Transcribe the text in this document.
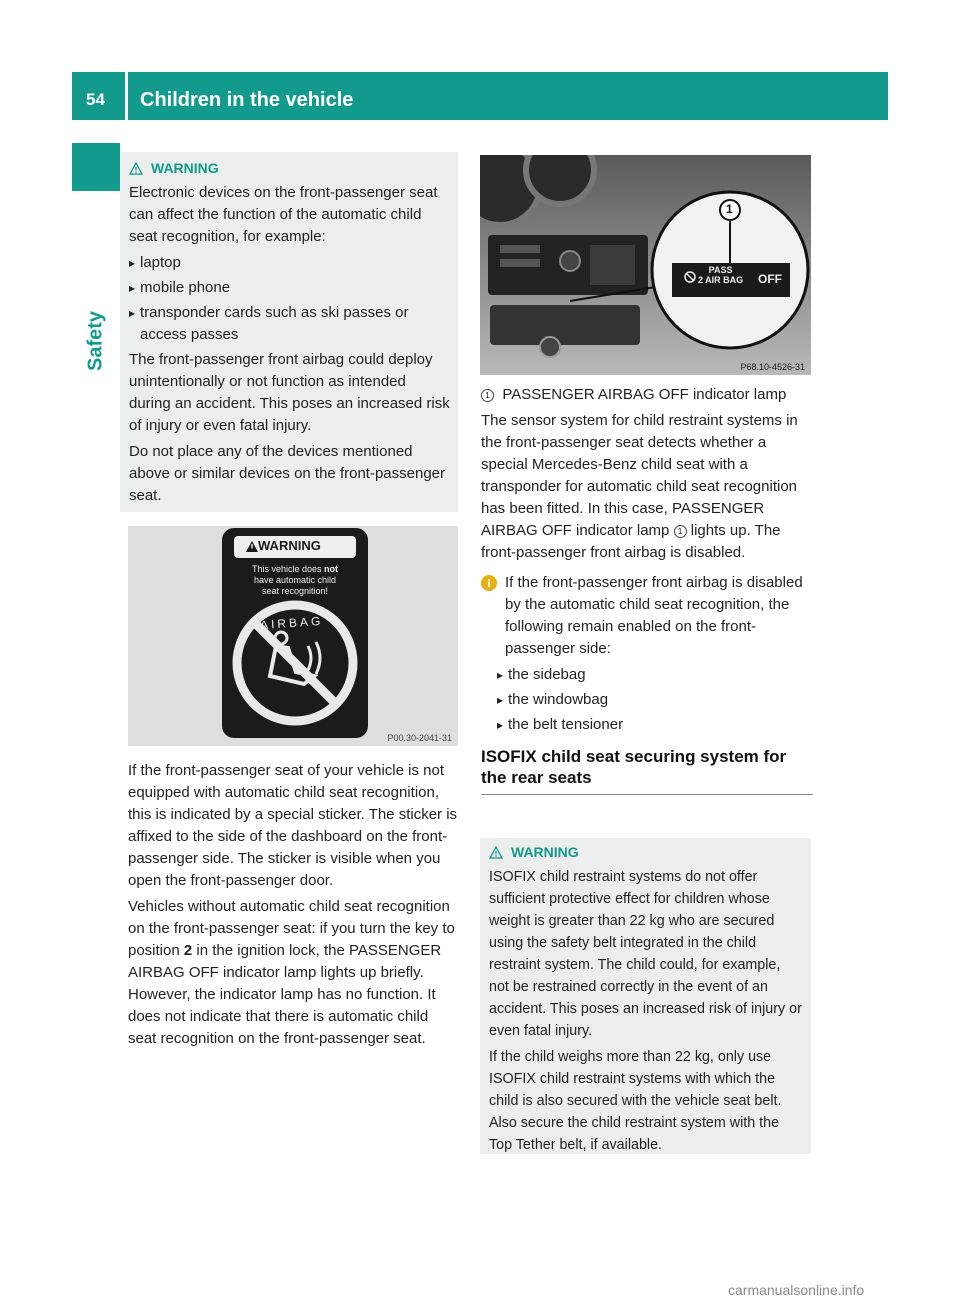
54 Children in the vehicle
Safety
WARNING

Electronic devices on the front-passenger seat can affect the function of the automatic child seat recognition, for example:

▸ laptop
▸ mobile phone
▸ transponder cards such as ski passes or access passes

The front-passenger front airbag could deploy unintentionally or not function as intended during an accident. This poses an increased risk of injury or even fatal injury.

Do not place any of the devices mentioned above or similar devices on the front-passenger seat.

WARNING
This vehicle does not
have automatic child
seat recognition!
AIRBAG
P00.30-2041-31

If the front-passenger seat of your vehicle is not equipped with automatic child seat recognition, this is indicated by a special sticker. The sticker is affixed to the side of the dashboard on the front-passenger side. The sticker is visible when you open the front-passenger door.

Vehicles without automatic child seat recognition on the front-passenger seat: if you turn the key to position 2 in the ignition lock, the PASSENGER AIRBAG OFF indicator lamp lights up briefly. However, the indicator lamp has no function. It does not indicate that there is automatic child seat recognition on the front-passenger seat.

1
PASS
2 AIR BAG OFF
P68.10-4526-31

1 PASSENGER AIRBAG OFF indicator lamp

The sensor system for child restraint systems in the front-passenger seat detects whether a special Mercedes-Benz child seat with a transponder for automatic child seat recognition has been fitted. In this case, PASSENGER AIRBAG OFF indicator lamp 1 lights up. The front-passenger front airbag is disabled.

i If the front-passenger front airbag is disabled by the automatic child seat recognition, the following remain enabled on the front-passenger side:

▸ the sidebag
▸ the windowbag
▸ the belt tensioner
ISOFIX child seat securing system for the rear seats
WARNING

ISOFIX child restraint systems do not offer sufficient protective effect for children whose weight is greater than 22 kg who are secured using the safety belt integrated in the child restraint system. The child could, for example, not be restrained correctly in the event of an accident. This poses an increased risk of injury or even fatal injury.

If the child weighs more than 22 kg, only use ISOFIX child restraint systems with which the child is also secured with the vehicle seat belt. Also secure the child restraint system with the Top Tether belt, if available.

carmanualsonline.info
